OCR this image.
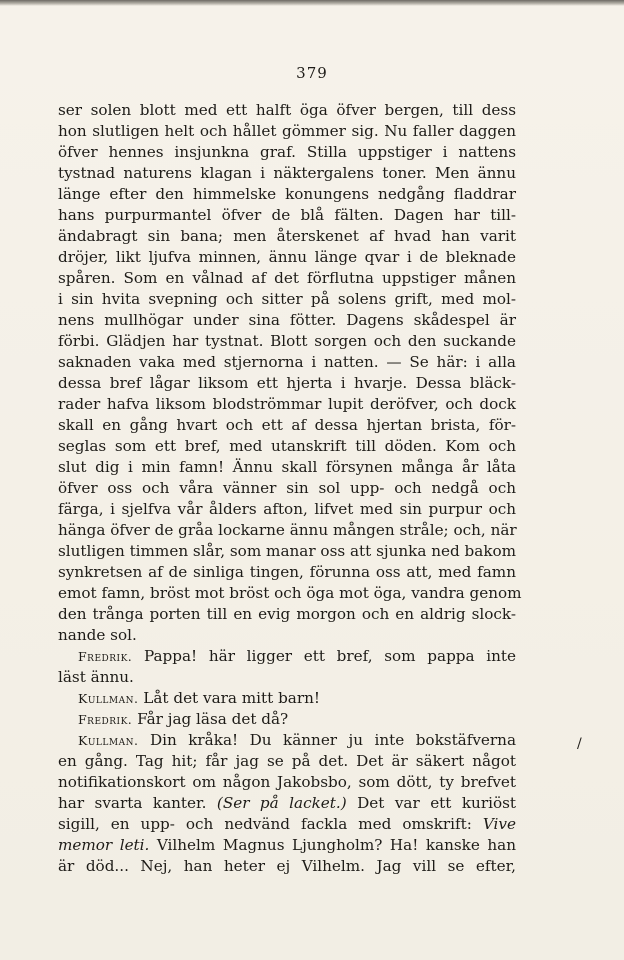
379

ser solen blott med ett halft öga öfver bergen, till dess
hon slutligen helt och hållet gömmer sig. Nu faller daggen
öfver hennes insjunkna graf. Stilla uppstiger i nattens
tystnad naturens klagan i näktergalens toner. Men ännu
länge efter den himmelske konungens nedgång fladdrar
hans purpurmantel öfver de blå fälten. Dagen har till-
ändabragt sin bana; men återskenet af hvad han varit
dröjer, likt ljufva minnen, ännu länge qvar i de bleknade
spåren. Som en vålnad af det förflutna uppstiger månen
i sin hvita svepning och sitter på solens grift, med mol-
nens mullhögar under sina fötter. Dagens skådespel är
förbi. Glädjen har tystnat. Blott sorgen och den suckande
saknaden vaka med stjernorna i natten. — Se här: i alla
dessa bref lågar liksom ett hjerta i hvarje. Dessa bläck-
rader hafva liksom blodströmmar lupit deröfver, och dock
skall en gång hvart och ett af dessa hjertan brista, för-
seglas som ett bref, med utanskrift till döden. Kom och
slut dig i min famn! Ännu skall försynen många år låta
öfver oss och våra vänner sin sol upp- och nedgå och
färga, i sjelfva vår ålders afton, lifvet med sin purpur och
hänga öfver de gråa lockarne ännu mången stråle; och, när
slutligen timmen slår, som manar oss att sjunka ned bakom
synkretsen af de sinliga tingen, förunna oss att, med famn
emot famn, bröst mot bröst och öga mot öga, vandra genom
den trånga porten till en evig morgon och en aldrig slock-
nande sol.

Fredrik. Pappa! här ligger ett bref, som pappa inte
läst ännu.

Kullman. Låt det vara mitt barn!

Fredrik. Får jag läsa det då?

Kullman. Din kråka! Du känner ju inte bokstäfverna
en gång. Tag hit; får jag se på det. Det är säkert något
notifikationskort om någon Jakobsbo, som dött, ty brefvet
har svarta kanter. (Ser på lacket.) Det var ett kuriöst
sigill, en upp- och nedvänd fackla med omskrift: Vive
memor leti. Vilhelm Magnus Ljungholm? Ha! kanske han
är död... Nej, han heter ej Vilhelm. Jag vill se efter,

/
